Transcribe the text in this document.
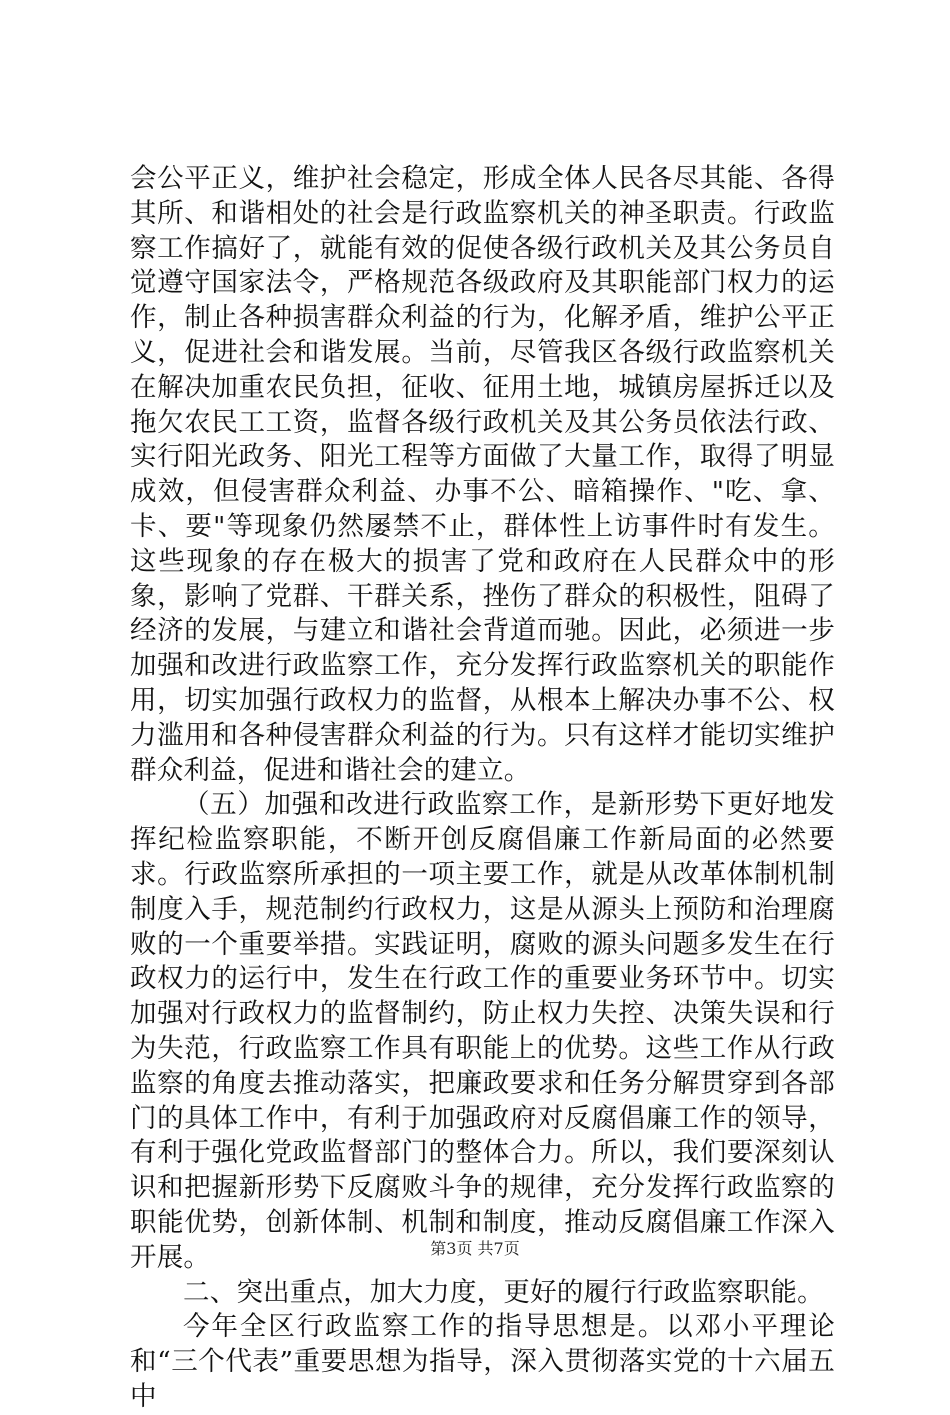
会公平正义，维护社会稳定，形成全体人民各尽其能、各得其所、和谐相处的社会是行政监察机关的神圣职责。行政监察工作搞好了，就能有效的促使各级行政机关及其公务员自觉遵守国家法令，严格规范各级政府及其职能部门权力的运作，制止各种损害群众利益的行为，化解矛盾，维护公平正义，促进社会和谐发展。当前，尽管我区各级行政监察机关在解决加重农民负担，征收、征用土地，城镇房屋拆迁以及拖欠农民工工资，监督各级行政机关及其公务员依法行政、实行阳光政务、阳光工程等方面做了大量工作，取得了明显成效，但侵害群众利益、办事不公、暗箱操作、"吃、拿、卡、要"等现象仍然屡禁不止，群体性上访事件时有发生。这些现象的存在极大的损害了党和政府在人民群众中的形象，影响了党群、干群关系，挫伤了群众的积极性，阻碍了经济的发展，与建立和谐社会背道而驰。因此，必须进一步加强和改进行政监察工作，充分发挥行政监察机关的职能作用，切实加强行政权力的监督，从根本上解决办事不公、权力滥用和各种侵害群众利益的行为。只有这样才能切实维护群众利益，促进和谐社会的建立。

（五）加强和改进行政监察工作，是新形势下更好地发挥纪检监察职能，不断开创反腐倡廉工作新局面的必然要求。行政监察所承担的一项主要工作，就是从改革体制机制制度入手，规范制约行政权力，这是从源头上预防和治理腐败的一个重要举措。实践证明，腐败的源头问题多发生在行政权力的运行中，发生在行政工作的重要业务环节中。切实加强对行政权力的监督制约，防止权力失控、决策失误和行为失范，行政监察工作具有职能上的优势。这些工作从行政监察的角度去推动落实，把廉政要求和任务分解贯穿到各部门的具体工作中，有利于加强政府对反腐倡廉工作的领导，有利于强化党政监督部门的整体合力。所以，我们要深刻认识和把握新形势下反腐败斗争的规律，充分发挥行政监察的职能优势，创新体制、机制和制度，推动反腐倡廉工作深入开展。

二、突出重点，加大力度，更好的履行行政监察职能。

今年全区行政监察工作的指导思想是。以邓小平理论和“三个代表”重要思想为指导，深入贯彻落实党的十六届五中

第3页 共7页
